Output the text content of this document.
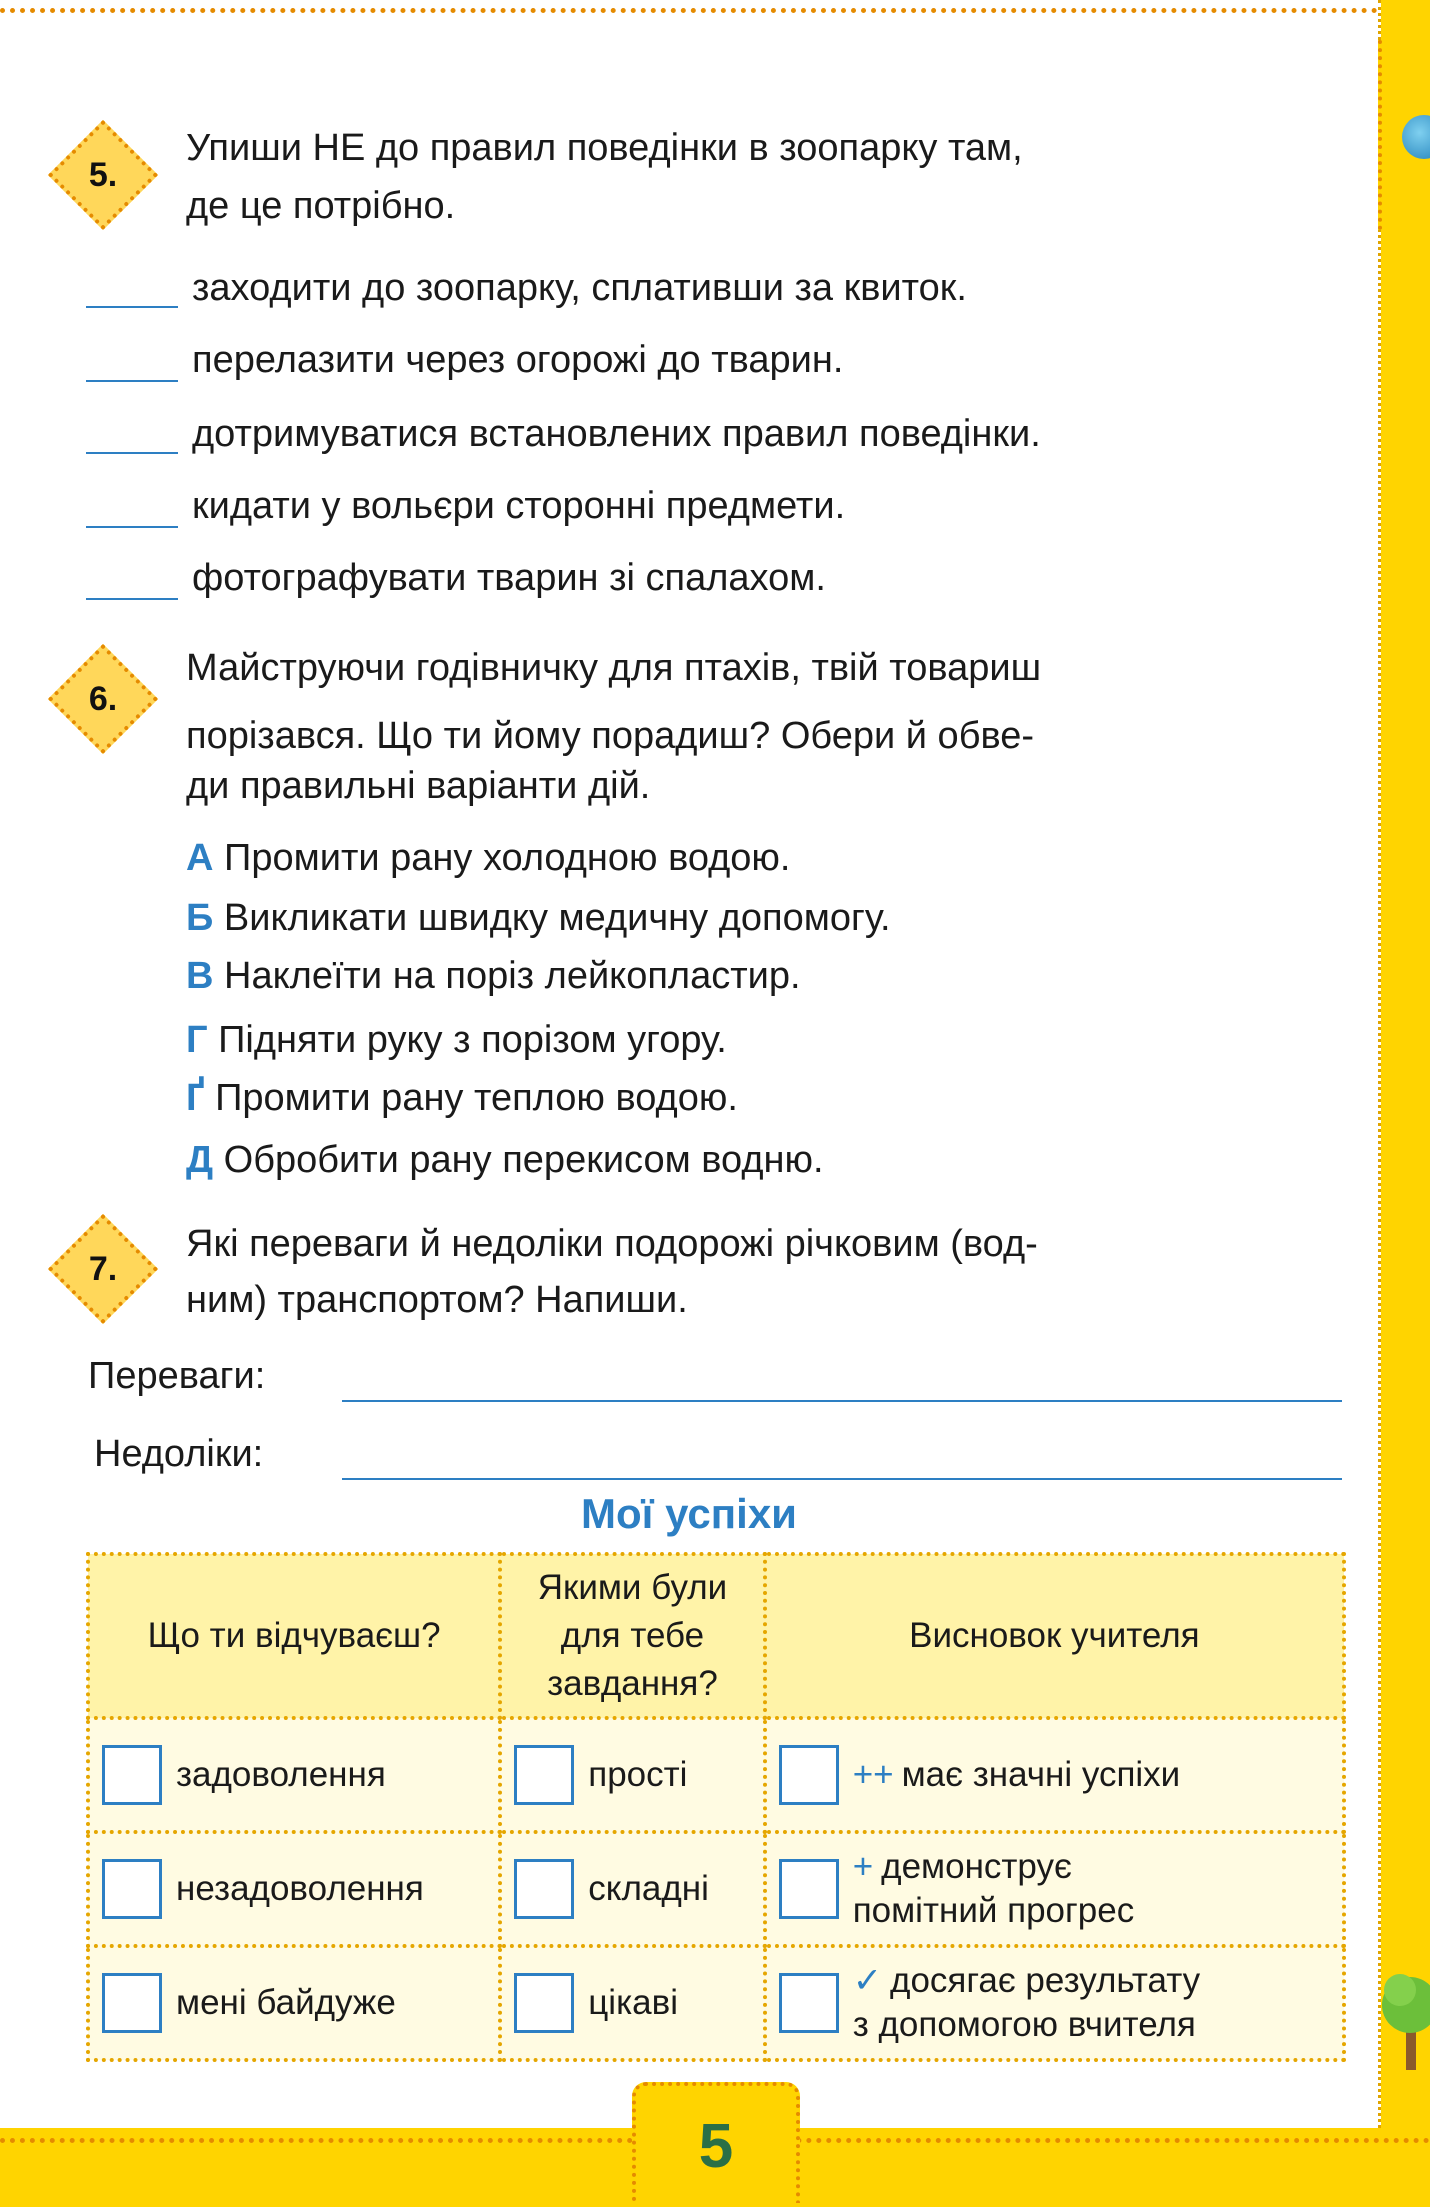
5.
Упиши НЕ до правил поведінки в зоопарку там,
де це потрібно.
заходити до зоопарку, сплативши за квиток.
перелазити через огорожі до тварин.
дотримуватися встановлених правил поведінки.
кидати у вольєри сторонні предмети.
фотографувати тварин зі спалахом.
6.
Майструючи годівничку для птахів, твій товариш
порізався. Що ти йому порадиш? Обери й обве-
ди правильні варіанти дій.
А Промити рану холодною водою.
Б Викликати швидку медичну допомогу.
В Наклеїти на поріз лейкопластир.
Г Підняти руку з порізом угору.
Ґ Промити рану теплою водою.
Д Обробити рану перекисом водню.
7.
Які переваги й недоліки подорожі річковим (вод-
ним) транспортом? Напиши.
Переваги:
Недоліки:
Мої успіхи
Що ти відчуваєш?	Якими були
для тебе
завдання?	Висновок учителя

задоволення	прості	++ має значні успіхи

незадоволення	складні	+ демонструє
помітний прогрес

мені байдуже	цікаві	✓ досягає результату
з допомогою вчителя
5
